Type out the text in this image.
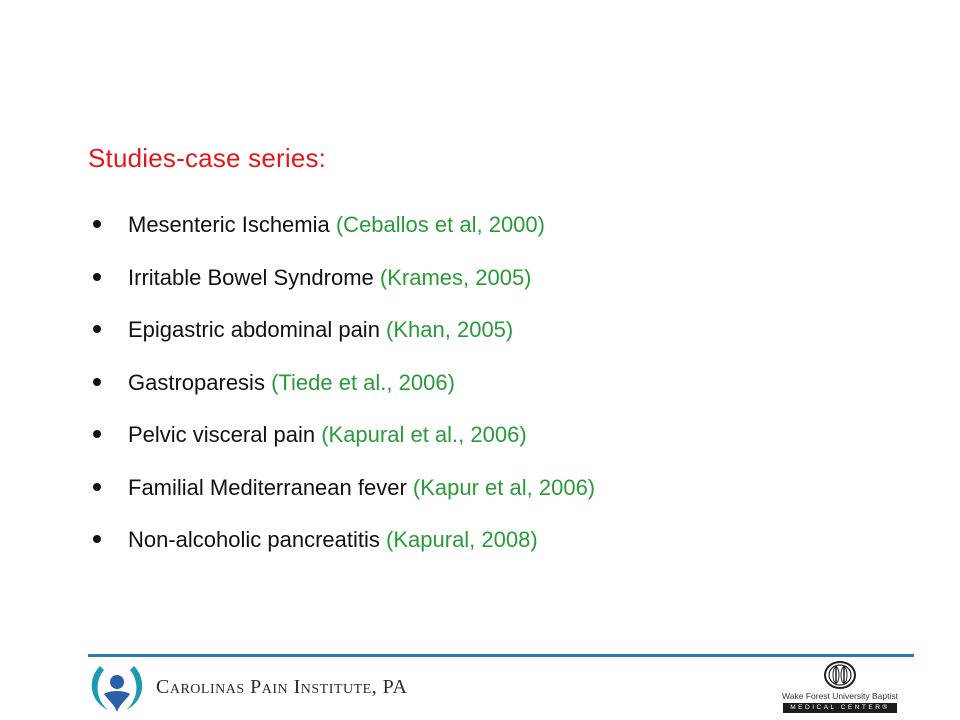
Studies-case series:
Mesenteric Ischemia (Ceballos et al, 2000)
Irritable Bowel Syndrome (Krames, 2005)
Epigastric abdominal pain (Khan, 2005)
Gastroparesis (Tiede et al., 2006)
Pelvic visceral pain (Kapural et al., 2006)
Familial Mediterranean fever (Kapur et al, 2006)
Non-alcoholic pancreatitis (Kapural, 2008)
Carolinas Pain Institute, PA	Wake Forest University Baptist
MEDICAL CENTER®
